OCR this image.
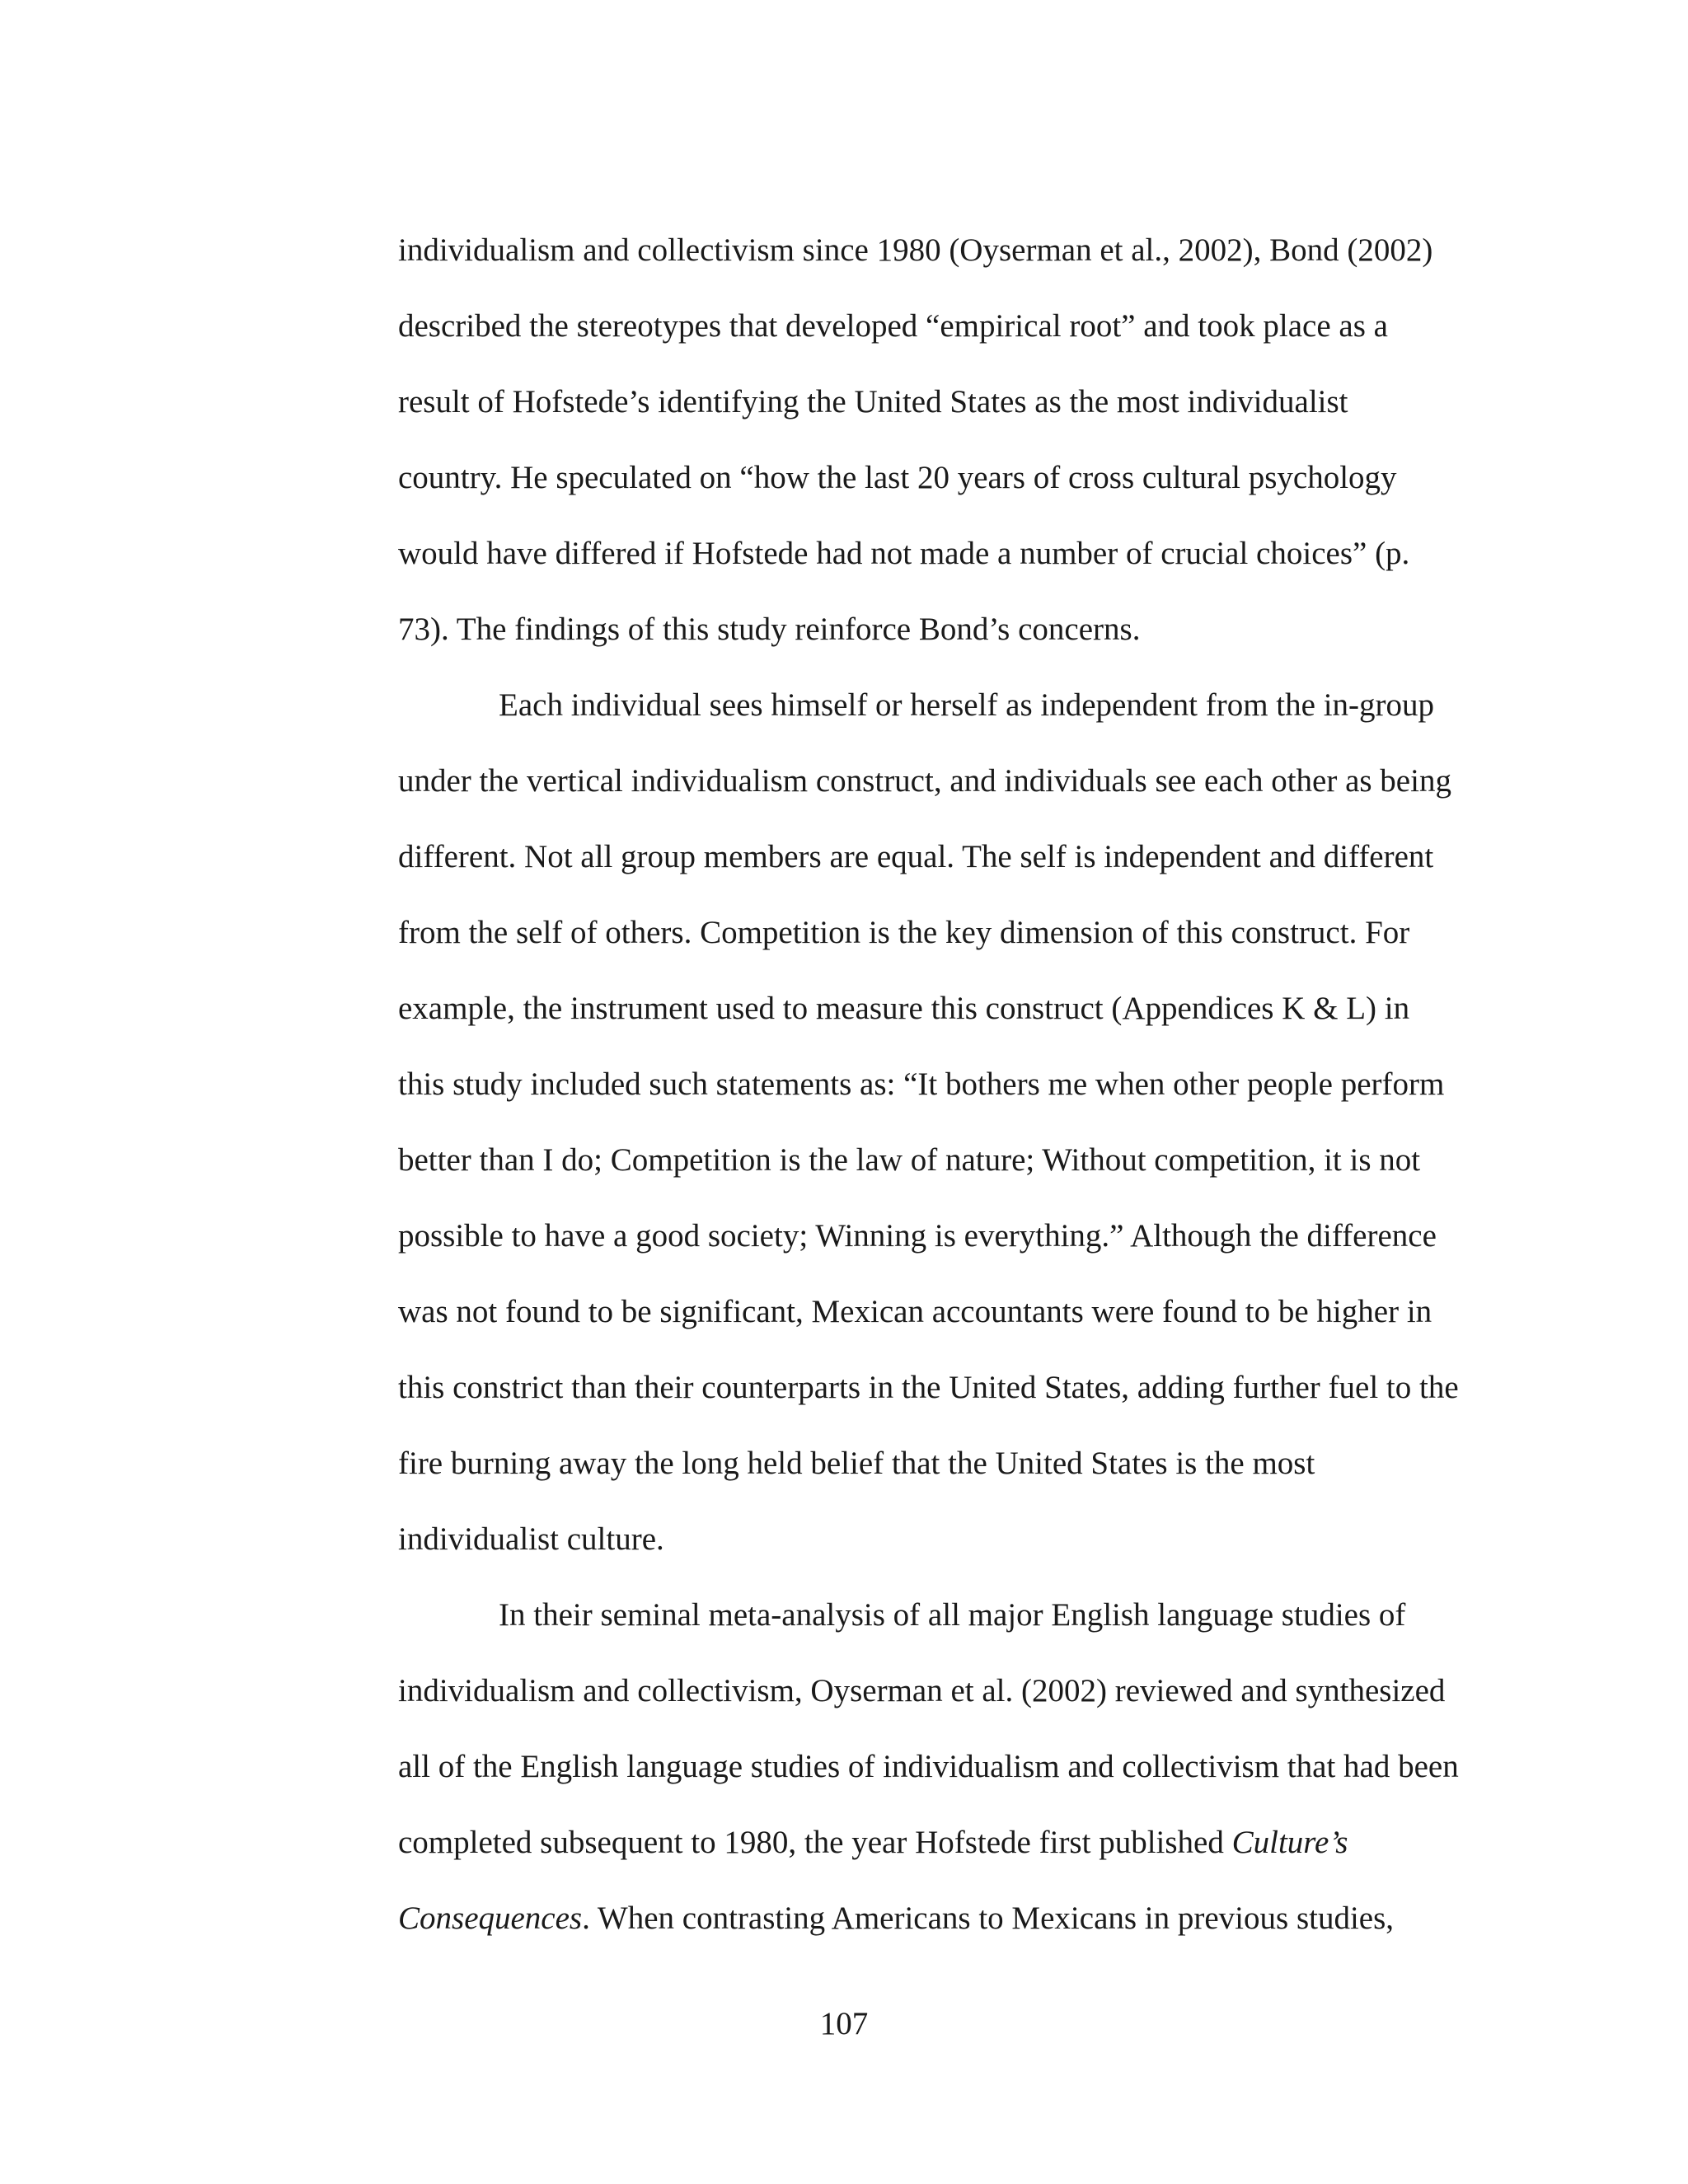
individualism and collectivism since 1980 (Oyserman et al., 2002), Bond (2002)
described the stereotypes that developed “empirical root” and took place as a
result of Hofstede’s identifying the United States as the most individualist
country. He speculated on “how the last 20 years of cross cultural psychology
would have differed if Hofstede had not made a number of crucial choices” (p.
73). The findings of this study reinforce Bond’s concerns.
Each individual sees himself or herself as independent from the in-group
under the vertical individualism construct, and individuals see each other as being
different. Not all group members are equal. The self is independent and different
from the self of others. Competition is the key dimension of this construct. For
example, the instrument used to measure this construct (Appendices K & L) in
this study included such statements as: “It bothers me when other people perform
better than I do; Competition is the law of nature; Without competition, it is not
possible to have a good society; Winning is everything.” Although the difference
was not found to be significant, Mexican accountants were found to be higher in
this constrict than their counterparts in the United States, adding further fuel to the
fire burning away the long held belief that the United States is the most
individualist culture.
In their seminal meta-analysis of all major English language studies of
individualism and collectivism, Oyserman et al. (2002) reviewed and synthesized
all of the English language studies of individualism and collectivism that had been
completed subsequent to 1980, the year Hofstede first published Culture’s
Consequences. When contrasting Americans to Mexicans in previous studies,
107
